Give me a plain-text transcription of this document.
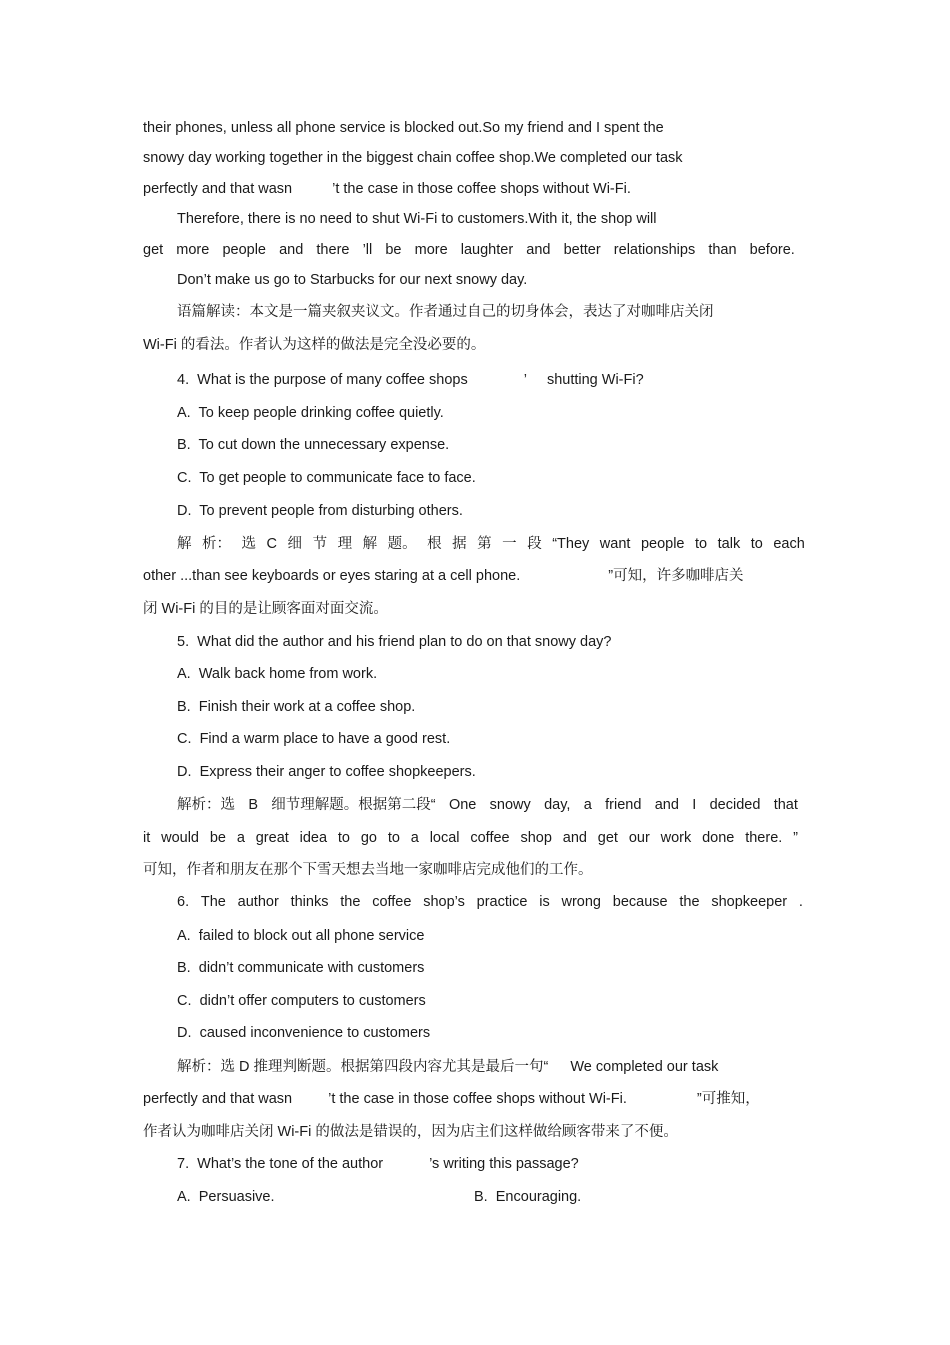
their phones, unless all phone service is blocked out.So my friend and I spent the

snowy day working together in the biggest chain coffee shop.We completed our task

perfectly and that wasn	’t the case in those coffee shops without Wi-Fi.

Therefore, there is no need to shut Wi-Fi to customers.With it, the shop will

get more people and there ’ll be more laughter and better relationships than before.

Don’t make us go to Starbucks for our next snowy day.

语篇解读：本文是一篇夹叙夹议文。作者通过自己的切身体会，表达了对咖啡店关闭

Wi-Fi 的看法。作者认为这样的做法是完全没必要的。

4. What is the purpose of many coffee shops	’ shutting Wi-Fi?

A. To keep people drinking coffee quietly.

B. To cut down the unnecessary expense.

C. To get people to communicate face to face.

D. To prevent people from disturbing others.

解 析： 选 C 细 节 理 解 题。 根 据 第 一 段 “They want people to talk to each

other ...than see keyboards or eyes staring at a cell phone.	”可知，许多咖啡店关

闭 Wi-Fi 的目的是让顾客面对面交流。

5. What did the author and his friend plan to do on that snowy day?

A. Walk back home from work.

B. Finish their work at a coffee shop.

C. Find a warm place to have a good rest.

D. Express their anger to coffee shopkeepers.

解析：选 B 细节理解题。根据第二段“ One snowy day, a friend and I decided that

it would be a great idea to go to a local coffee shop and get our work done there. ”

可知，作者和朋友在那个下雪天想去当地一家咖啡店完成他们的工作。

6. The author thinks the coffee shop’s practice is wrong because the shopkeeper .

A. failed to block out all phone service

B. didn’t communicate with customers

C. didn’t offer computers to customers

D. caused inconvenience to customers

解析：选 D 推理判断题。根据第四段内容尤其是最后一句“ We completed our task

perfectly and that wasn ’t the case in those coffee shops without Wi-Fi.	”可推知，

作者认为咖啡店关闭 Wi-Fi 的做法是错误的，因为店主们这样做给顾客带来了不便。

7. What’s the tone of the author	’s writing this passage?

A. Persuasive.	B. Encouraging.
